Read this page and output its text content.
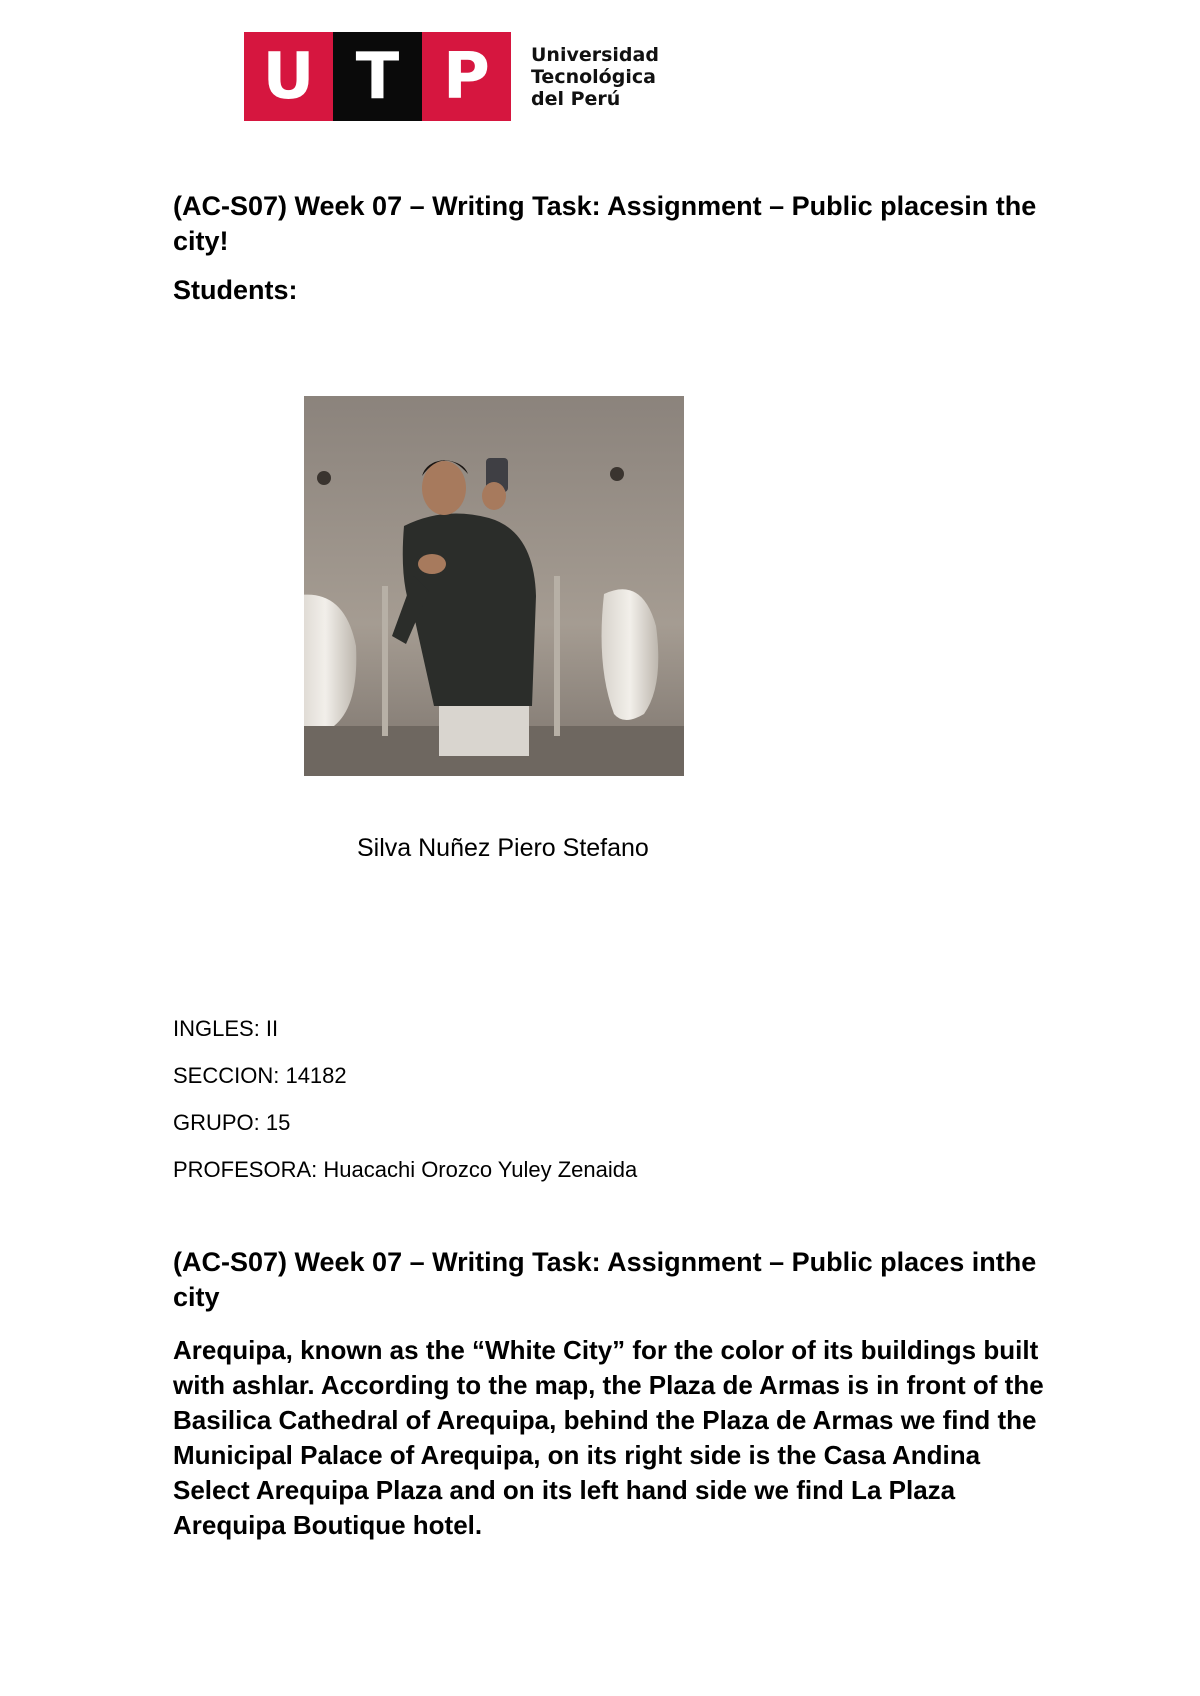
U T P	Universidad
Tecnológica
del Perú
(AC-S07) Week 07 – Writing Task: Assignment – Public placesin the city!
Students:
Silva Nuñez Piero Stefano
INGLES: II
SECCION: 14182
GRUPO: 15
PROFESORA: Huacachi Orozco Yuley Zenaida
(AC-S07) Week 07 – Writing Task: Assignment – Public places inthe city
Arequipa, known as the “White City” for the color of its buildings built with ashlar. According to the map, the Plaza de Armas is in front of the Basilica Cathedral of Arequipa, behind the Plaza de Armas we find the Municipal Palace of Arequipa, on its right side is the Casa Andina Select Arequipa Plaza and on its left hand side we find La Plaza Arequipa Boutique hotel.
